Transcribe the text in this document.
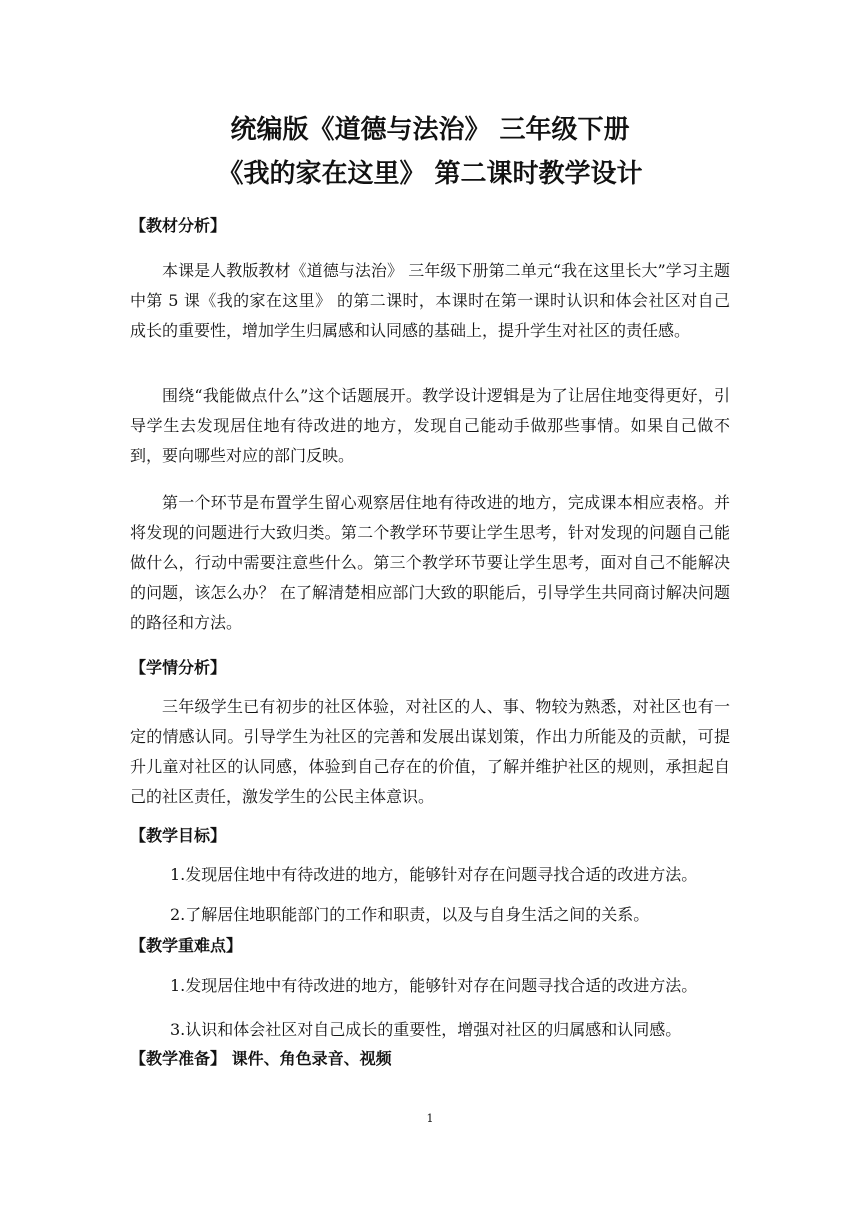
统编版《道德与法治》 三年级下册
《我的家在这里》 第二课时教学设计
【教材分析】

本课是人教版教材《道德与法治》 三年级下册第二单元“我在这里长大”学习主题中第 5 课《我的家在这里》 的第二课时，本课时在第一课时认识和体会社区对自己成长的重要性，增加学生归属感和认同感的基础上，提升学生对社区的责任感。

围绕“我能做点什么”这个话题展开。教学设计逻辑是为了让居住地变得更好，引导学生去发现居住地有待改进的地方，发现自己能动手做那些事情。如果自己做不到，要向哪些对应的部门反映。

第一个环节是布置学生留心观察居住地有待改进的地方，完成课本相应表格。并将发现的问题进行大致归类。第二个教学环节要让学生思考，针对发现的问题自己能做什么，行动中需要注意些什么。第三个教学环节要让学生思考，面对自己不能解决的问题，该怎么办？ 在了解清楚相应部门大致的职能后，引导学生共同商讨解决问题的路径和方法。

【学情分析】

三年级学生已有初步的社区体验，对社区的人、事、物较为熟悉，对社区也有一定的情感认同。引导学生为社区的完善和发展出谋划策，作出力所能及的贡献，可提升儿童对社区的认同感，体验到自己存在的价值，了解并维护社区的规则，承担起自己的社区责任，激发学生的公民主体意识。

【教学目标】
1.发现居住地中有待改进的地方，能够针对存在问题寻找合适的改进方法。
2.了解居住地职能部门的工作和职责，以及与自身生活之间的关系。
【教学重难点】
1.发现居住地中有待改进的地方，能够针对存在问题寻找合适的改进方法。
3.认识和体会社区对自己成长的重要性，增强对社区的归属感和认同感。
【教学准备】 课件、角色录音、视频
1
